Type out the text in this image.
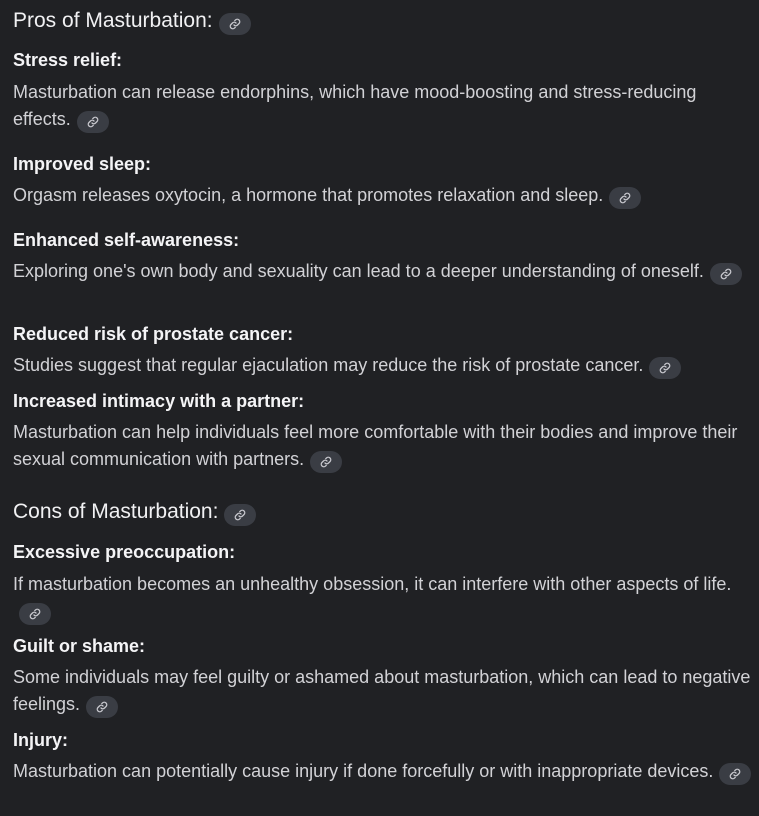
Pros of Masturbation:
Stress relief:
Masturbation can release endorphins, which have mood-boosting and stress-reducing effects.
Improved sleep:
Orgasm releases oxytocin, a hormone that promotes relaxation and sleep.
Enhanced self-awareness:
Exploring one's own body and sexuality can lead to a deeper understanding of oneself.
Reduced risk of prostate cancer:
Studies suggest that regular ejaculation may reduce the risk of prostate cancer.
Increased intimacy with a partner:
Masturbation can help individuals feel more comfortable with their bodies and improve their sexual communication with partners.
Cons of Masturbation:
Excessive preoccupation:
If masturbation becomes an unhealthy obsession, it can interfere with other aspects of life.
Guilt or shame:
Some individuals may feel guilty or ashamed about masturbation, which can lead to negative feelings.
Injury:
Masturbation can potentially cause injury if done forcefully or with inappropriate devices.
